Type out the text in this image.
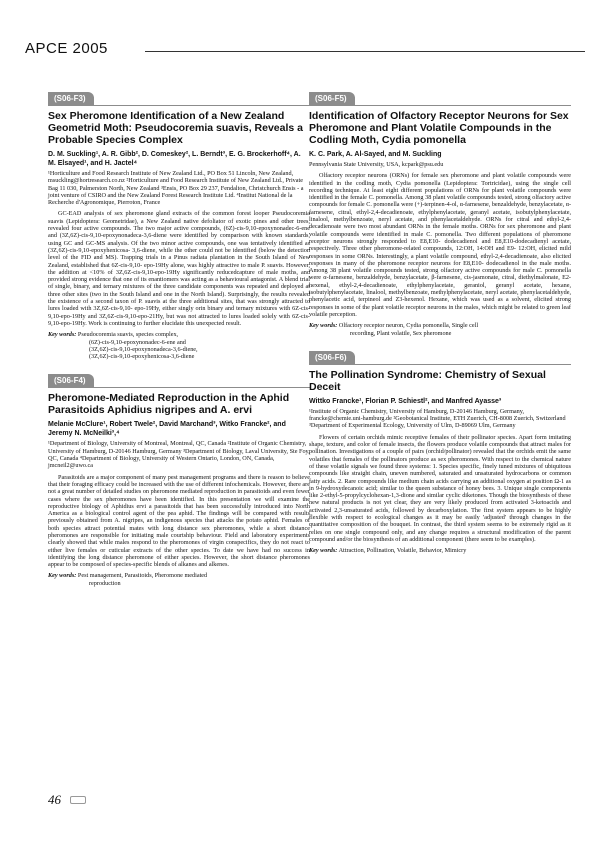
APCE 2005
(S06-F3)
Sex Pheromone Identification of a New Zealand Geometrid Moth: Pseudocoremia suavis, Reveals a Probable Species Complex
D. M. Suckling¹, A. R. Gibb², D. Comeskey², L. Berndt³, E. G. Brockerhoff⁴, A. M. Elsayed¹, and H. Jactel⁴
¹Horticulture and Food Research Institute of New Zealand Ltd., PO Box 51 Lincoln, New Zealand, msuckling@hortresearch.co.nz ²Horticulture and Food Research Institute of New Zealand Ltd., Private Bag 11 030, Palmerston North, New Zealand ³Ensis, PO Box 29 237, Fendalton, Christchurch Ensis - a joint venture of CSIRO and the New Zealand Forest Research Institute Ltd. ⁴Institut National de la Recherche d'Agronomique, Pierroton, France
GC-EAD analysis of sex pheromone gland extracts of the common forest looper Pseudocoremia suavis (Lepidoptera: Geometridae), a New Zealand native defoliator of exotic pines and other trees, revealed four active compounds. The two major active compounds, (6Z)-cis-9,10-epoxynonadec-6-ene and (3Z,6Z)-cis-9,10-epoxynonadeca-3,6-diene were identified by comparison with known standards, using GC and GC-MS analysis. Of the two minor active compounds, one was tentatively identified as (3Z,6Z)-cis-9,10-epoxyhenicosa- 3,6-diene, while the other could not be identified (below the detection level of the FID and MS). Trapping trials in a Pinus radiata plantation in the South Island of New Zealand, established that 6Z-cis-9,10- epo-19Hy alone, was highly attractive to male P. suavis. However, the addition at <10% of 3Z,6Z-cis-9,10-epo-19Hy significantly reducedcapture of male moths, and provided strong evidence that one of its enantiomers was acting as a behavioural antagonist. A blend trial of single, binary, and ternary mixtures of the three candidate components was repeated and deployed at three other sites (two in the South Island and one in the North Island). Surprisingly, the results revealed the existence of a second taxon of P. suavis at the three additional sites, that was strongly attracted to lures loaded with 3Z,6Z-cis-9,10- epo-19Hy, either singly orin binary and ternary mixtures with 6Z-cis-9,10-epo-19Hy and 3Z,6Z-cis-9,10-epo-21Hy, but was not attracted to lures loaded solely with 6Z-cis-9,10-epo-19Hy. Work is continuing to further elucidate this unexpected result.
Key words: Pseudocoremia suavis, species complex,
(6Z)-cis-9,10-epoxynonadec-6-ene and
(3Z,6Z)-cis-9,10-epoxynonadeca-3,6-diene,
(3Z,6Z)-cis-9,10-epoxyhenicosa-3,6-diene
(S06-F4)
Pheromone-Mediated Reproduction in the Aphid Parasitoids Aphidius nigripes and A. ervi
Melanie McClure¹, Robert Twele², David Marchand³, Witko Francke², and Jeremy N. McNeilki³,⁴
¹Department of Biology, University of Montreal, Montreal, QC, Canada ²Institute of Organic Chemistry, University of Hamburg, D-20146 Hamburg, Germany ³Department of Biology, Laval University, Ste Foy, QC, Canada ⁴Department of Biology, University of Western Ontario, London, ON, Canada, jmcneil2@uwo.ca
Parasitoids are a major component of many pest management programs and there is reason to believe that their foraging efficacy could be increased with the use of different infochemicals. However, there are not a great number of detailed studies on pheromone mediated reproduction in parasitoids and even fewer cases where the sex pheromones have been identified. In this presentation we will examine the reproductive biology of Aphidius ervi a parasitoids that has been successfully introduced into North America as a biological control agent of the pea aphid. The findings will be compared with results previously obtained from A. nigripes, an indigenous species that attacks the potato aphid. Females of both species attract potential mates with long distance sex pheromones, while a short distance pheromones are responsible for initiating male courtship behaviour. Field and laboratory experiments clearly showed that while males respond to the pheromones of virgin conspecifics, they do not react to either live females or cuticular extracts of the other species. To date we have had no success in identifying the long distance pheromone of either species. However, the short distance pheromones appear to be composed of species-specific blends of alkanes and alkenes.
Key words: Pest management, Parasitoids, Pheromone mediated
reproduction
(S06-F5)
Identification of Olfactory Receptor Neurons for Sex Pheromone and Plant Volatile Compounds in the Codling Moth, Cydia pomonella
K. C. Park, A. Al-Sayed, and M. Suckling
Pennsylvania State University, USA, kcpark@psu.edu
Olfactory receptor neurons (ORNs) for female sex pheromone and plant volatile compounds were identified in the codling moth, Cydia pomonella (Lepidoptera: Tortricidae), using the single cell recording technique. At least eight different populations of ORNs for plant volatile compounds were identified in the female C. pomonella. Among 38 plant volatile compounds tested, strong olfactory active compounds for female C. pomonella were (+)-terpinen-4-ol, α-farnesene, benzaldehyde, benzylacetate, α-farnesene, citral, ethyl-2,4-decadienoate, ethylphenylacetate, geranyl acetate, isobutylphenylacetate, linalool, methylbenzoate, neryl acetate, and phenylacetaldehyde. ORNs for citral and ethyl-2,4-decadienoate were two most abundant ORNs in the female moths. ORNs for sex pheromone and plant volatile compounds were identified in male C. pomonella. Two different populations of pheromone receptor neurons strongly responded to E8,E10- dodecadienol and E8,E10-dodecadienyl acetate, respectively. Three other pheromone-related compounds, 12:OH, 14:OH and E9- 12:OH, elicited mild responses in some ORNs. Interestingly, a plant volatile compound, ethyl-2,4-decadienoate, also elicited responses in many of the pheromone receptor neurons for E8,E10- dodecadienol in the male moths. Among 38 plant volatile compounds tested, strong olfactory active compounds for male C. pomonella were α-farnesene, benzaldehyde, benzylacetate, β-farnesene, cis-jasmonate, citral, diethylmalonate, E2-hexenal, ethyl-2,4-decadienoate, ethylphenylacetate, geraniol, geranyl acetate, hexane, isobutylphenylacetate, linalool, methylbenzoate, methylphenylacetate, neryl acetate, phenylacetaldehyde, phenylacetic acid, terpineol and Z3-hexenol. Hexane, which was used as a solvent, elicited strong responses in some of the plant volatile receptor neurons in the males, which might be related to green leaf volatile perception.
Key words: Olfactory receptor neuron, Cydia pomonella, Single cell
recording, Plant volatile, Sex pheromone
(S06-F6)
The Pollination Syndrome: Chemistry of Sexual Deceit
Wittko Francke¹, Florian P. Schiestl², and Manfred Ayasse³
¹Institute of Organic Chemistry, University of Hamburg, D-20146 Hamburg, Germany, francke@chemie.uni-hamburg.de ²Geobotanical Institute, ETH Zuerich, CH-8008 Zuerich, Switzerland ³Department of Experimental Ecology, University of Ulm, D-89069 Ulm, Germany
Flowers of certain orchids mimic receptive females of their pollinator species. Apart form imitating shape, texture, and color of female insects, the flowers produce volatile compounds that attract males for pollination. Investigations of a couple of pairs (orchid/pollinator) revealed that the orchids emit the same volatiles that females of the pollinators produce as sex pheromones. With respect to the chemical nature of these volatile signals we found three systems: 1. Species specific, finely tuned mixtures of ubiquitous compounds like straight chain, uneven numbered, saturated and unsaturated hydrocarbons or common fatty acids. 2. Rare compounds like medium chain acids carrying an additional oxygen at position Ω-1 as in 9-hydroxydecanoic acid; similar to the queen substance of honey bees. 3. Unique single components like 2-ethyl-5-propylcyclohexan-1,3-dione and similar cyclic diketones. Though the biosynthesis of these new natural products is not yet clear, they are very likely produced from activated 3-ketoacids and activated 2,3-unsaturated acids, followed by decarboxylation. The first system appears to be highly flexible with respect to ecological changes as it may be easily 'adjusted' through changes in the quantitative composition of the bouquet. In contrast, the third system seems to be extremely rigid as it relies on one single compound only, and any change requires a structural modification of the parent compound and/or the biosynthesis of an additional component (there seem to be examples).
Key words: Attraction, Pollination, Volatile, Behavior, Mimicry
46
